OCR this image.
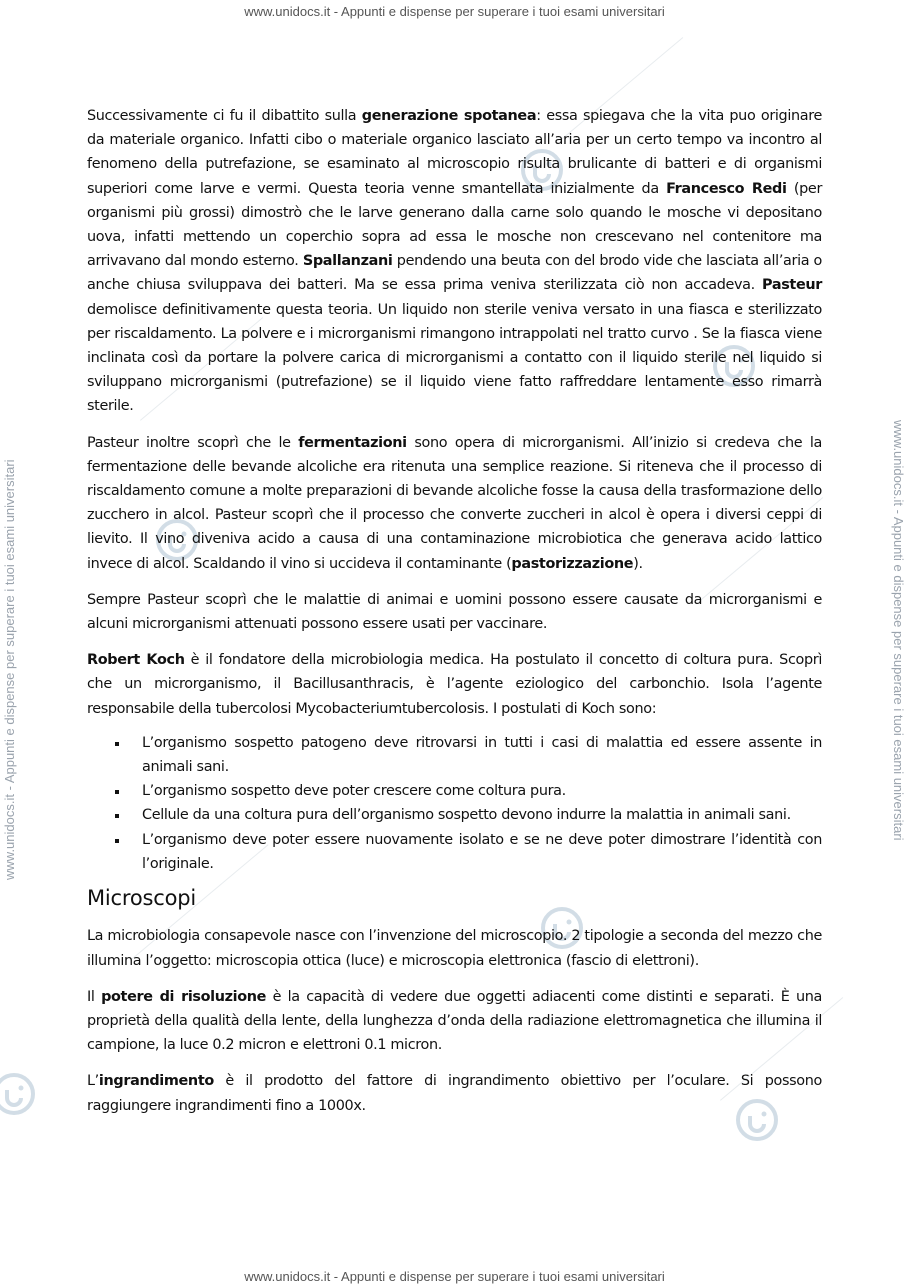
www.unidocs.it - Appunti e dispense per superare i tuoi esami universitari
www.unidocs.it - Appunti e dispense per superare i tuoi esami universitari
www.unidocs.it - Appunti e dispense per superare i tuoi esami universitari	www.unidocs.it - Appunti e dispense per superare i tuoi esami universitari

Successivamente ci fu il dibattito sulla generazione spotanea: essa spiegava che la vita puo originare da materiale organico. Infatti cibo o materiale organico lasciato all’aria per un certo tempo va incontro al fenomeno della putrefazione, se esaminato al microscopio risulta brulicante di batteri e di organismi superiori come larve e vermi. Questa teoria venne smantellata inizialmente da Francesco Redi (per organismi più grossi) dimostrò che le larve generano dalla carne solo quando le mosche vi depositano uova, infatti mettendo un coperchio sopra ad essa le mosche non crescevano nel contenitore ma arrivavano dal mondo esterno. Spallanzani pendendo una beuta con del brodo vide che lasciata all’aria o anche chiusa sviluppava dei batteri. Ma se essa prima veniva sterilizzata ciò non accadeva. Pasteur demolisce definitivamente questa teoria. Un liquido non sterile veniva versato in una fiasca e sterilizzato per riscaldamento. La polvere e i microrganismi rimangono intrappolati nel tratto curvo . Se la fiasca viene inclinata così da portare la polvere carica di microrganismi a contatto con il liquido sterile nel liquido si sviluppano microrganismi (putrefazione) se il liquido viene fatto raffreddare lentamente esso rimarrà sterile.

Pasteur inoltre scoprì che le fermentazioni sono opera di microrganismi. All’inizio si credeva che la fermentazione delle bevande alcoliche era ritenuta una semplice reazione. Si riteneva che il processo di riscaldamento comune a molte preparazioni di bevande alcoliche fosse la causa della trasformazione dello zucchero in alcol. Pasteur scoprì che il processo che converte zuccheri in alcol è opera i diversi ceppi di lievito. Il vino diveniva acido a causa di una contaminazione microbiotica che generava acido lattico invece di alcol. Scaldando il vino si uccideva il contaminante (pastorizzazione).

Sempre Pasteur scoprì che le malattie di animai e uomini possono essere causate da microrganismi e alcuni microrganismi attenuati possono essere usati per vaccinare.

Robert Koch è il fondatore della microbiologia medica. Ha postulato il concetto di coltura pura. Scoprì che un microrganismo, il Bacillusanthracis, è l’agente eziologico del carbonchio. Isola l’agente responsabile della tubercolosi Mycobacteriumtubercolosis. I postulati di Koch sono:

L’organismo sospetto patogeno deve ritrovarsi in tutti i casi di malattia ed essere assente in animali sani.
L’organismo sospetto deve poter crescere come coltura pura.
Cellule da una coltura pura dell’organismo sospetto devono indurre la malattia in animali sani.
L’organismo deve poter essere nuovamente isolato e se ne deve poter dimostrare l’identità con l’originale.
Microscopi

La microbiologia consapevole nasce con l’invenzione del microscopio. 2 tipologie a seconda del mezzo che illumina l’oggetto: microscopia ottica (luce) e microscopia elettronica (fascio di elettroni).

Il potere di risoluzione è la capacità di vedere due oggetti adiacenti come distinti e separati. È una proprietà della qualità della lente, della lunghezza d’onda della radiazione elettromagnetica che illumina il campione, la luce 0.2 micron e elettroni 0.1 micron.

L’ingrandimento è il prodotto del fattore di ingrandimento obiettivo per l’oculare. Si possono raggiungere ingrandimenti fino a 1000x.
